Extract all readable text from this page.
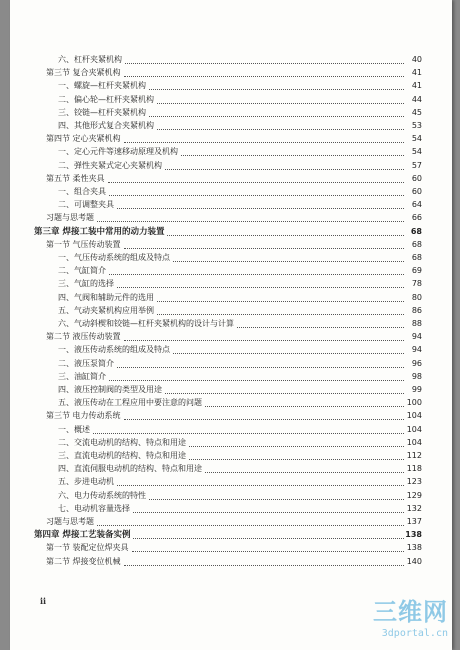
六、杠杆夹紧机构	40
第三节 复合夹紧机构	41
一、螺旋—杠杆夹紧机构	41
二、偏心轮—杠杆夹紧机构	44
三、铰链—杠杆夹紧机构	45
四、其他形式复合夹紧机构	53
第四节 定心夹紧机构	54
一、定心元件等速移动原理及机构	54
二、弹性夹紧式定心夹紧机构	57
第五节 柔性夹具	60
一、组合夹具	60
二、可调整夹具	64
习题与思考题	66
第三章 焊接工装中常用的动力装置	68
第一节 气压传动装置	68
一、气压传动系统的组成及特点	68
二、气缸简介	69
三、气缸的选择	78
四、气阀和辅助元件的选用	80
五、气动夹紧机构应用举例	86
六、气动斜楔和铰链—杠杆夹紧机构的设计与计算	88
第二节 液压传动装置	94
一、液压传动系统的组成及特点	94
二、液压泵简介	96
三、油缸简介	98
四、液压控制阀的类型及用途	99
五、液压传动在工程应用中要注意的问题	100
第三节 电力传动系统	104
一、概述	104
二、交流电动机的结构、特点和用途	104
三、直流电动机的结构、特点和用途	112
四、直流伺服电动机的结构、特点和用途	118
五、步进电动机	123
六、电力传动系统的特性	129
七、电动机容量选择	132
习题与思考题	137
第四章 焊接工艺装备实例	138
第一节 装配定位焊夹具	138
第二节 焊接变位机械	140
ii	三维网
3dportal.cn
